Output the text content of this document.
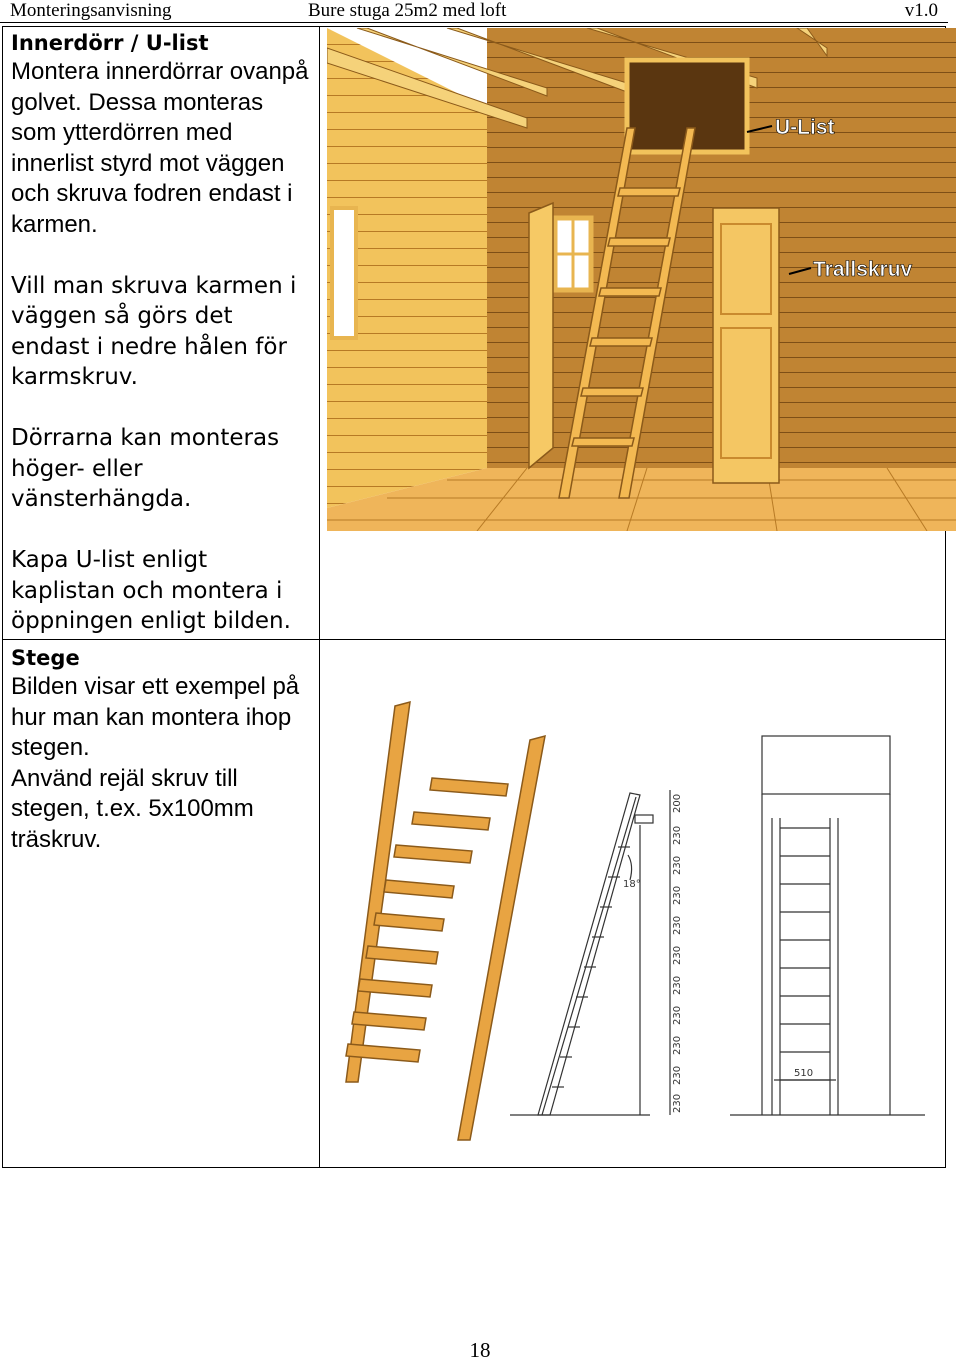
Monteringsanvisning	Bure stuga 25m2 med loft	v1.0
Innerdörr / U-list

Montera innerdörrar ovanpå golvet. Dessa monteras som ytterdörren med innerlist styrd mot väggen och skruva fodren endast i karmen.

Vill man skruva karmen i väggen så görs det endast i nedre hålen för karmskruv.

Dörrarna kan monteras höger- eller vänsterhängda.

Kapa U-list enligt kaplistan och montera i öppningen enligt bilden.

Stege
Bilden visar ett exempel på hur man kan montera ihop stegen.
Använd rejäl skruv till stegen, t.ex. 5x100mm träskruv.
U-List
Trallskruv
18°
200
230
230
230
230
230
230
230
230
230
230
510
18
